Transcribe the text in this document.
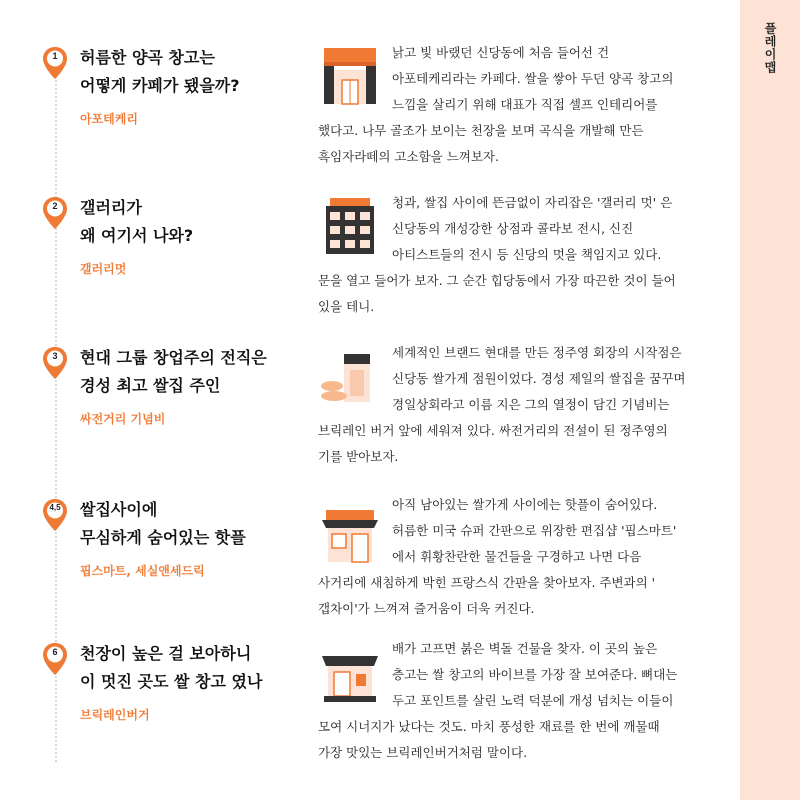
플레이맵
1	허름한 양곡 창고는
어떻게 카페가 됐을까?
아포테케리
낡고 빛 바랬던 신당동에 처음 들어선 건
아포테케리라는 카페다. 쌀을 쌓아 두던 양곡 창고의
느낌을 살리기 위해 대표가 직접 셀프 인테리어를
했다고. 나무 골조가 보이는 천장을 보며 곡식을 개발해 만든
흑임자라떼의 고소함을 느껴보자.
2	갤러리가
왜 여기서 나와?
갤러리멋
청과, 쌀집 사이에 뜬금없이 자리잡은 '갤러리 멋' 은
신당동의 개성강한 상점과 콜라보 전시, 신진
아티스트들의 전시 등 신당의 멋을 책임지고 있다.
문을 열고 들어가 보자. 그 순간 힙당동에서 가장 따끈한 것이 들어
있을 테니.
3	현대 그룹 창업주의 전직은
경성 최고 쌀집 주인
싸전거리 기념비
세계적인 브랜드 현대를 만든 정주영 회장의 시작점은
신당동 쌀가게 점원이었다. 경성 제일의 쌀집을 꿈꾸며
경일상회라고 이름 지은 그의 열정이 담긴 기념비는
브릭레인 버거 앞에 세워져 있다. 싸전거리의 전설이 된 정주영의
기를 받아보자.
4,5	쌀집사이에
무심하게 숨어있는 핫플
핍스마트, 세실앤세드릭
아직 남아있는 쌀가게 사이에는 핫플이 숨어있다.
허름한 미국 슈퍼 간판으로 위장한 편집샵 '핍스마트'
에서 휘황찬란한 물건들을 구경하고 나면 다음
사거리에 새침하게 박힌 프랑스식 간판을 찾아보자. 주변과의 '
갭차이'가 느껴져 즐거움이 더욱 커진다.
6	천장이 높은 걸 보아하니
이 멋진 곳도 쌀 창고 였나
브릭레인버거
배가 고프면 붉은 벽돌 건물을 찾자. 이 곳의 높은
층고는 쌀 창고의 바이브를 가장 잘 보여준다. 뼈대는
두고 포인트를 살린 노력 덕분에 개성 넘치는 이들이
모여 시너지가 났다는 것도. 마치 풍성한 재료를 한 번에 깨물때
가장 맛있는 브릭레인버거처럼 말이다.
